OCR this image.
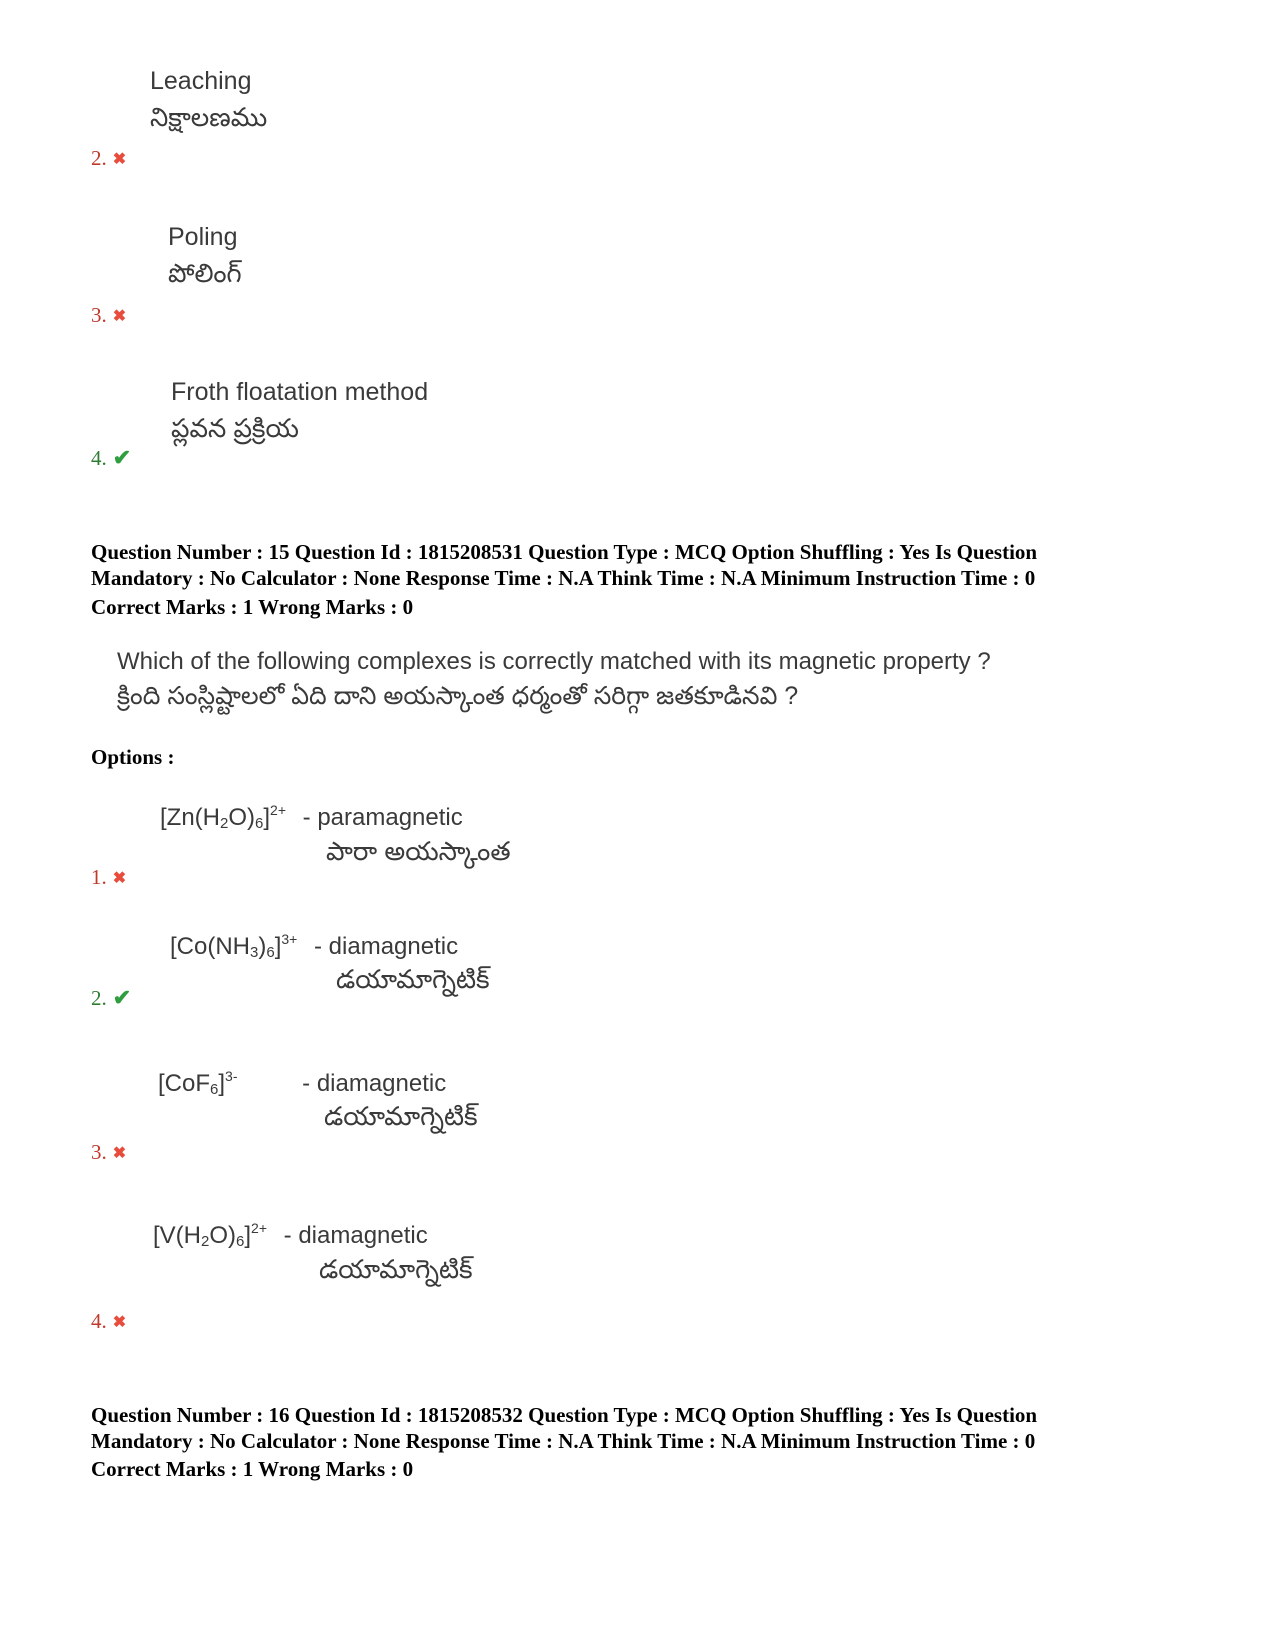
Leaching
నిక్షాలణము
2. ✖
Poling
పోలింగ్
3. ✖
Froth floatation method
ప్లవన ప్రక్రియ
4. ✔
Question Number : 15 Question Id : 1815208531 Question Type : MCQ Option Shuffling : Yes Is Question Mandatory : No Calculator : None Response Time : N.A Think Time : N.A Minimum Instruction Time : 0
Correct Marks : 1 Wrong Marks : 0
Which of the following complexes is correctly matched with its magnetic property ?
క్రింది సంస్లిష్టాలలో ఏది దాని అయస్కాంత ధర్మంతో సరిగ్గా జతకూడినవి ?
Options :
$[Zn(H_2O)_6]^{2+}$ - paramagnetic
పారా అయస్కాంత
1. ✖
$[Co(NH_3)_6]^{3+}$ - diamagnetic
డయామాగ్నెటిక్
2. ✔
$[CoF_6]^{3-}$	- diamagnetic
డయామాగ్నెటిక్
3. ✖
$[V(H_2O)_6]^{2+}$ - diamagnetic
డయామాగ్నెటిక్
4. ✖
Question Number : 16 Question Id : 1815208532 Question Type : MCQ Option Shuffling : Yes Is Question Mandatory : No Calculator : None Response Time : N.A Think Time : N.A Minimum Instruction Time : 0
Correct Marks : 1 Wrong Marks : 0
